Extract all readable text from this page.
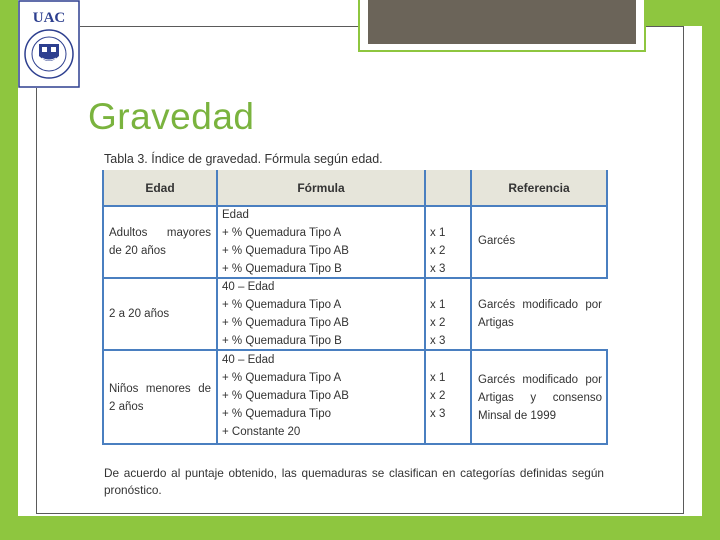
UAC
Gravedad
Tabla 3. Índice de gravedad. Fórmula según edad.
Edad	Fórmula	Referencia
Adultos mayores
de 20 años
Edad
+ % Quemadura Tipo A
+ % Quemadura Tipo AB
+ % Quemadura Tipo B
x 1
x 2
x 3
Garcés
2 a 20 años
40 – Edad
+ % Quemadura Tipo A
+ % Quemadura Tipo AB
+ % Quemadura Tipo B
x 1
x 2
x 3
Garcés modificado por
Artigas
Niños menores de
2 años
40 – Edad
+ % Quemadura Tipo A
+ % Quemadura Tipo AB
+ % Quemadura Tipo
+ Constante 20
x 1
x 2
x 3
Garcés modificado por
Artigas y consenso
Minsal de 1999
De acuerdo al puntaje obtenido, las quemaduras se clasifican en categorías definidas según
pronóstico.
